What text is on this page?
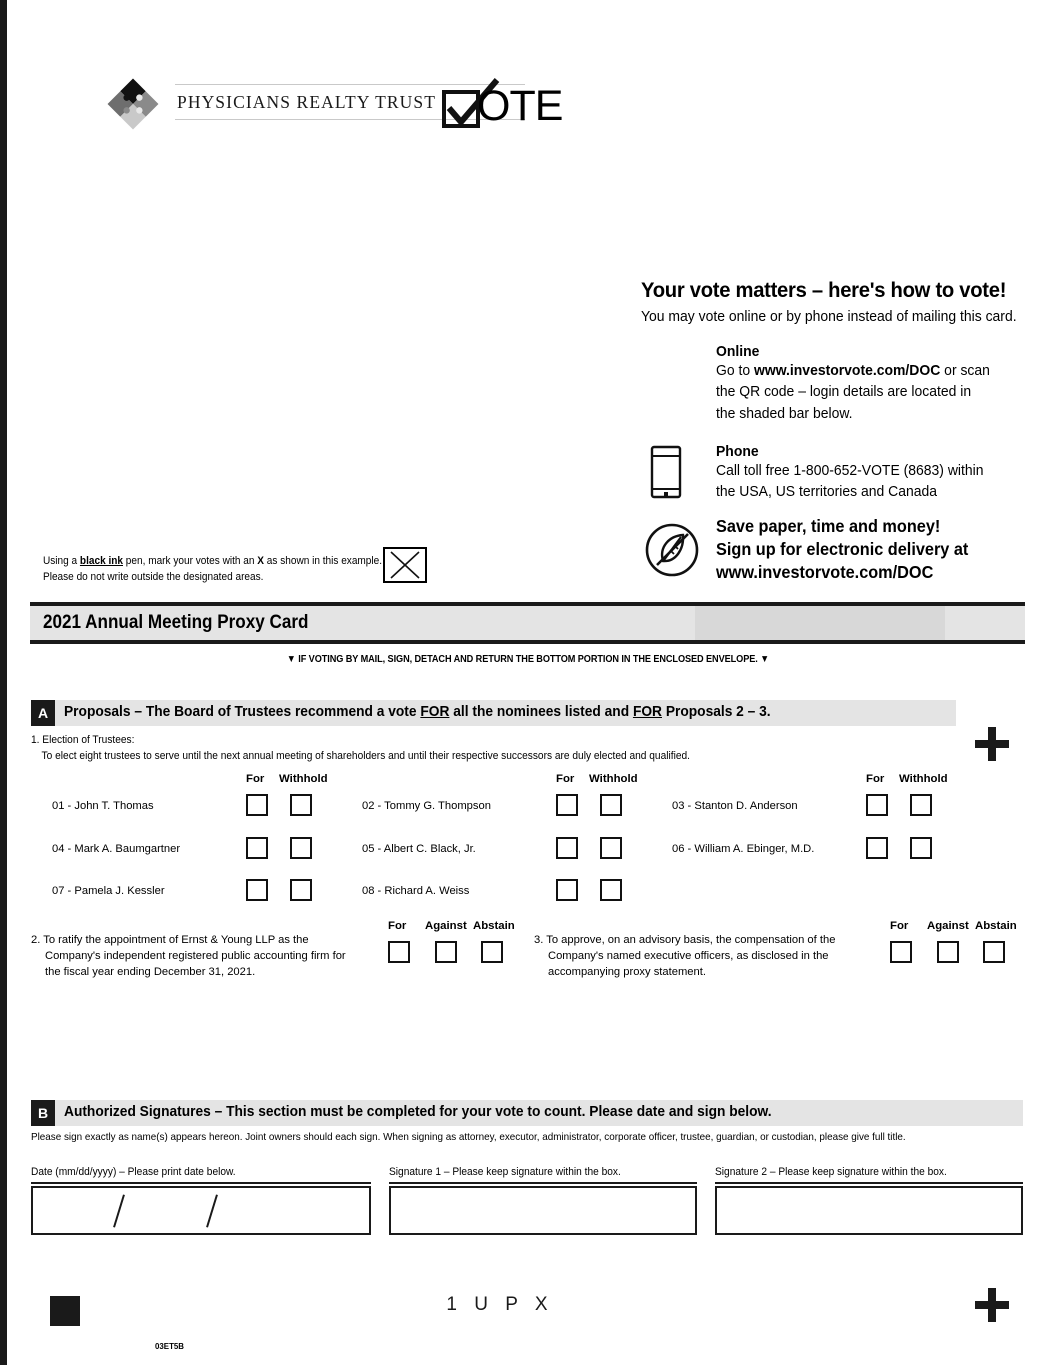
PHYSICIANS REALTY TRUST OTE
Your vote matters – here's how to vote!
You may vote online or by phone instead of mailing this card.
Online
Go to www.investorvote.com/DOC or scan
the QR code – login details are located in
the shaded bar below.
Phone
Call toll free 1-800-652-VOTE (8683) within
the USA, US territories and Canada
Save paper, time and money!
Sign up for electronic delivery at
www.investorvote.com/DOC
Using a black ink pen, mark your votes with an X as shown in this example.
Please do not write outside the designated areas.
2021 Annual Meeting Proxy Card
▼ IF VOTING BY MAIL, SIGN, DETACH AND RETURN THE BOTTOM PORTION IN THE ENCLOSED ENVELOPE. ▼
A	Proposals – The Board of Trustees recommend a vote FOR all the nominees listed and FOR Proposals 2 – 3.
1. Election of Trustees:
To elect eight trustees to serve until the next annual meeting of shareholders and until their respective successors are duly elected and qualified.
For Withhold	For Withhold	For Withhold
01 - John T. Thomas	02 - Tommy G. Thompson	03 - Stanton D. Anderson
04 - Mark A. Baumgartner	05 - Albert C. Black, Jr.	06 - William A. Ebinger, M.D.
07 - Pamela J. Kessler	08 - Richard A. Weiss
2. To ratify the appointment of Ernst & Young LLP as the
Company's independent registered public accounting firm for
the fiscal year ending December 31, 2021.
For Against Abstain
3. To approve, on an advisory basis, the compensation of the
Company's named executive officers, as disclosed in the
accompanying proxy statement.
For Against Abstain
B	Authorized Signatures – This section must be completed for your vote to count. Please date and sign below.
Please sign exactly as name(s) appears hereon. Joint owners should each sign. When signing as attorney, executor, administrator, corporate officer, trustee, guardian, or custodian, please give full title.
Date (mm/dd/yyyy) – Please print date below.	Signature 1 – Please keep signature within the box.	Signature 2 – Please keep signature within the box.
1 U P X
03ET5B
